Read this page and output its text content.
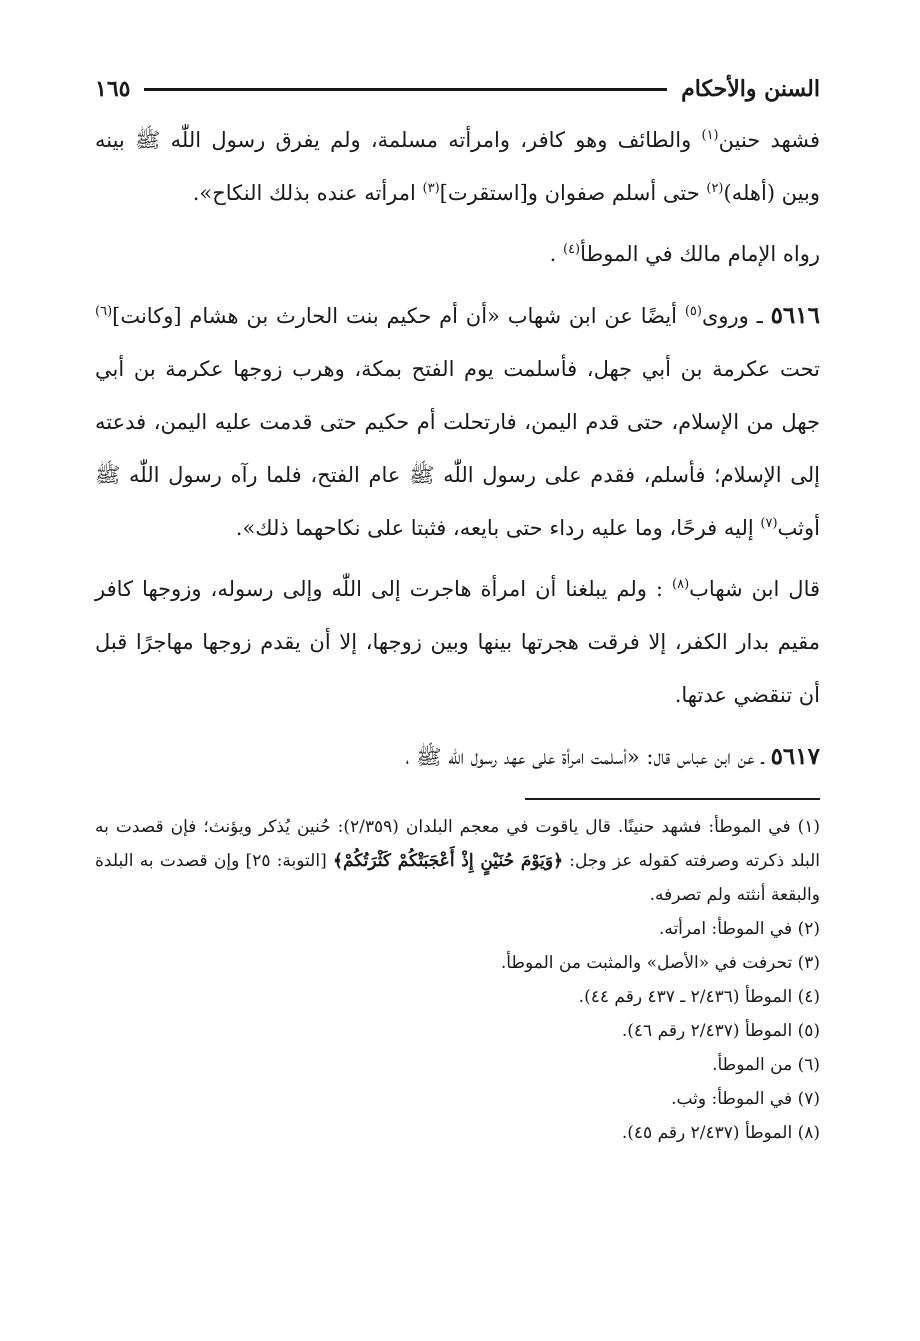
السنن والأحكام
١٦٥

فشهد حنين$^{(١)}$ والطائف وهو كافر، وامرأته مسلمة، ولم يفرق رسول اللّٰه ﷺ بينه وبين (أهله)$^{(٢)}$ حتى أسلم صفوان و[استقرت]$^{(٣)}$ امرأته عنده بذلك النكاح».

رواه الإمام مالك في الموطأ$^{(٤)}$ .

٥٦١٦ ـ وروى$^{(٥)}$ أيضًا عن ابن شهاب «أن أم حكيم بنت الحارث بن هشام [وكانت]$^{(٦)}$ تحت عكرمة بن أبي جهل، فأسلمت يوم الفتح بمكة، وهرب زوجها عكرمة بن أبي جهل من الإسلام، حتى قدم اليمن، فارتحلت أم حكيم حتى قدمت عليه اليمن، فدعته إلى الإسلام؛ فأسلم، فقدم على رسول اللّٰه ﷺ عام الفتح، فلما رآه رسول اللّٰه ﷺ أوثب$^{(٧)}$ إليه فرحًا، وما عليه رداء حتى بايعه، فثبتا على نكاحهما ذلك».

قال ابن شهاب$^{(٨)}$ : ولم يبلغنا أن امرأة هاجرت إلى اللّٰه وإلى رسوله، وزوجها كافر مقيم بدار الكفر، إلا فرقت هجرتها بينها وبين زوجها، إلا أن يقدم زوجها مهاجرًا قبل أن تنقضي عدتها.

٥٦١٧ ـ عن ابن عباس قال: «أسلمت امرأة على عهد رسول اللّٰه ﷺ ،

(١) في الموطأ: فشهد حنينًا. قال ياقوت في معجم البلدان (٢/٣٥٩): حُنين يُذكر ويؤنث؛ فإن قصدت به البلد ذكرته وصرفته كقوله عز وجل: ﴿وَيَوْمَ حُنَيْنٍ إِذْ أَعْجَبَتْكُمْ كَثْرَتُكُمْ﴾ [التوبة: ٢٥] وإن قصدت به البلدة والبقعة أنثته ولم تصرفه.
(٢) في الموطأ: امرأته.
(٣) تحرفت في «الأصل» والمثبت من الموطأ.
(٤) الموطأ (٢/٤٣٦ ـ ٤٣٧ رقم ٤٤).
(٥) الموطأ (٢/٤٣٧ رقم ٤٦).
(٦) من الموطأ.
(٧) في الموطأ: وثب.
(٨) الموطأ (٢/٤٣٧ رقم ٤٥).
